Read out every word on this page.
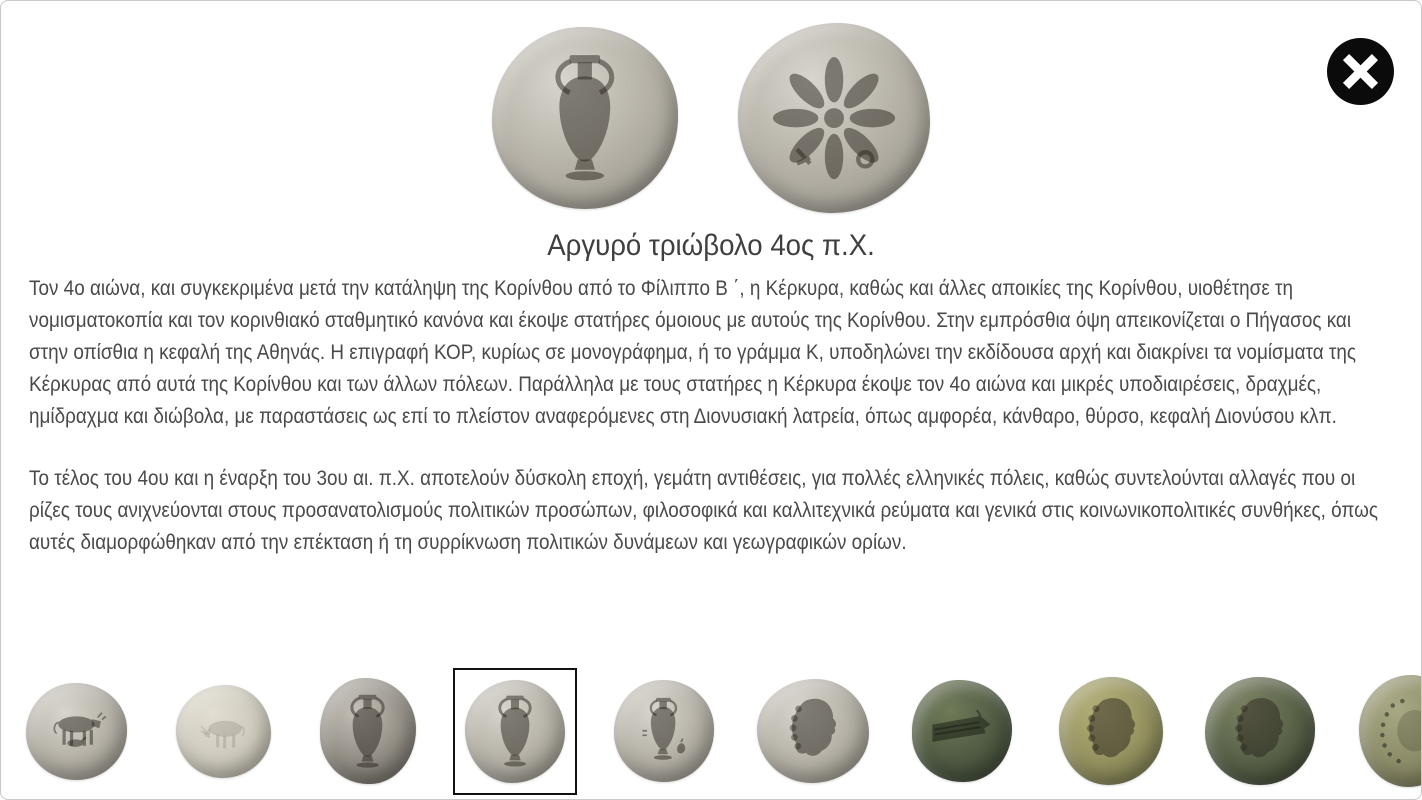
Αργυρό τριώβολο 4ος π.Χ.

Τον 4ο αιώνα, και συγκεκριμένα μετά την κατάληψη της Κορίνθου από το Φίλιππο Β ΄, η Κέρκυρα, καθώς και άλλες αποικίες της Κορίνθου, υιοθέτησε τη νομισματοκοπία και τον κορινθιακό σταθμητικό κανόνα και έκοψε στατήρες όμοιους με αυτούς της Κορίνθου. Στην εμπρόσθια όψη απεικονίζεται ο Πήγασος και στην οπίσθια η κεφαλή της Αθηνάς. Η επιγραφή ΚΟΡ, κυρίως σε μονογράφημα, ή το γράμμα Κ, υποδηλώνει την εκδίδουσα αρχή και διακρίνει τα νομίσματα της Κέρκυρας από αυτά της Κορίνθου και των άλλων πόλεων. Παράλληλα με τους στατήρες η Κέρκυρα έκοψε τον 4ο αιώνα και μικρές υποδιαιρέσεις, δραχμές, ημίδραχμα και διώβολα, με παραστάσεις ως επί το πλείστον αναφερόμενες στη Διονυσιακή λατρεία, όπως αμφορέα, κάνθαρο, θύρσο, κεφαλή Διονύσου κλπ.

Το τέλος του 4ου και η έναρξη του 3ου αι. π.Χ. αποτελούν δύσκολη εποχή, γεμάτη αντιθέσεις, για πολλές ελληνικές πόλεις, καθώς συντελούνται αλλαγές που οι ρίζες τους ανιχνεύονται στους προσανατολισμούς πολιτικών προσώπων, φιλοσοφικά και καλλιτεχνικά ρεύματα και γενικά στις κοινωνικοπολιτικές συνθήκες, όπως αυτές διαμορφώθηκαν από την επέκταση ή τη συρρίκνωση πολιτικών δυνάμεων και γεωγραφικών ορίων.
